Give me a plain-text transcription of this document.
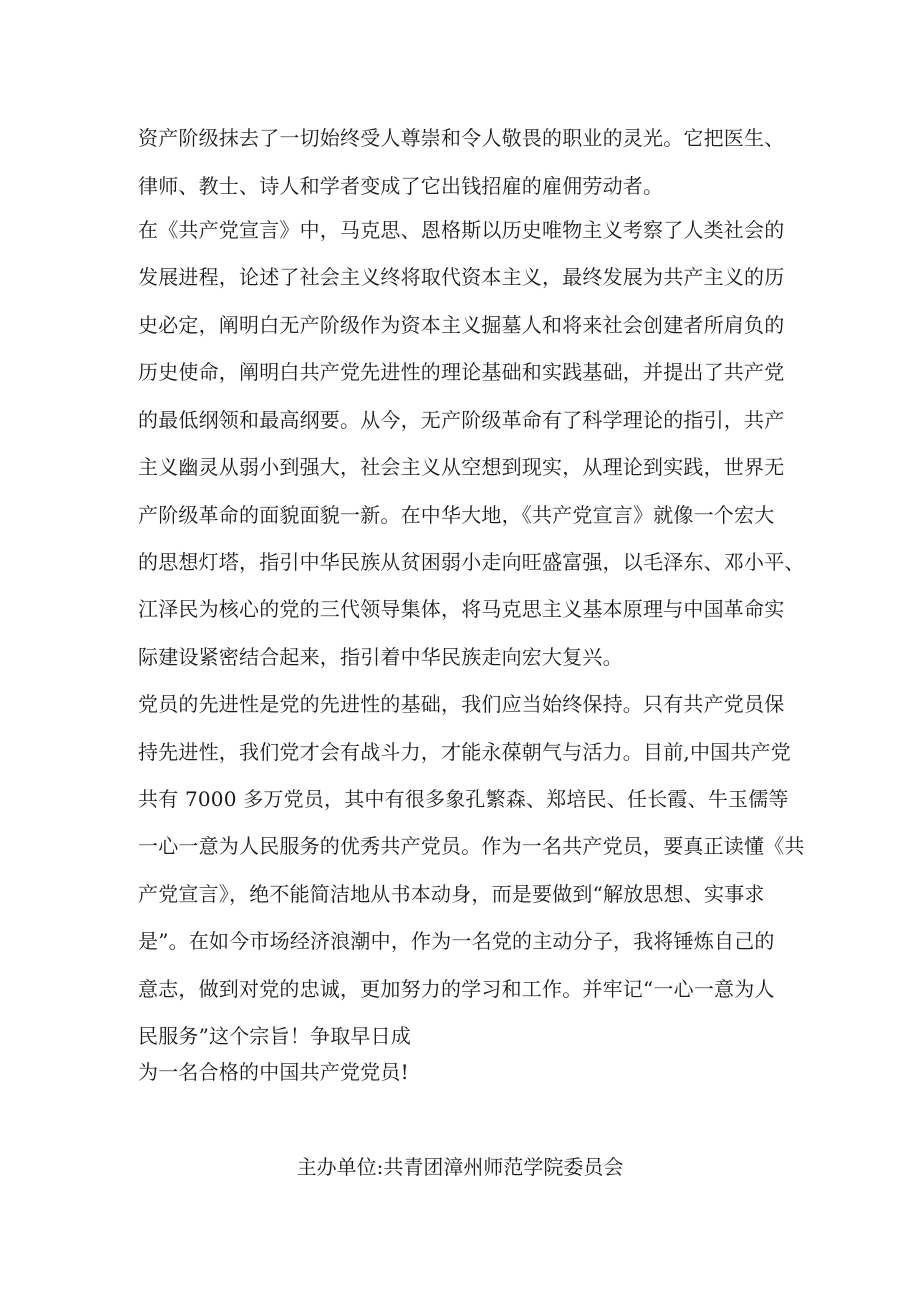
资产阶级抹去了一切始终受人尊崇和令人敬畏的职业的灵光。它把医生、
律师、教士、诗人和学者变成了它出钱招雇的雇佣劳动者。
在《共产党宣言》中，马克思、恩格斯以历史唯物主义考察了人类社会的
发展进程，论述了社会主义终将取代资本主义，最终发展为共产主义的历
史必定，阐明白无产阶级作为资本主义掘墓人和将来社会创建者所肩负的
历史使命，阐明白共产党先进性的理论基础和实践基础，并提出了共产党
的最低纲领和最高纲要。从今，无产阶级革命有了科学理论的指引，共产
主义幽灵从弱小到强大，社会主义从空想到现实，从理论到实践，世界无
产阶级革命的面貌面貌一新。在中华大地，《共产党宣言》就像一个宏大
的思想灯塔，指引中华民族从贫困弱小走向旺盛富强，以毛泽东、邓小平、
江泽民为核心的党的三代领导集体，将马克思主义基本原理与中国革命实
际建设紧密结合起来，指引着中华民族走向宏大复兴。
党员的先进性是党的先进性的基础，我们应当始终保持。只有共产党员保
持先进性，我们党才会有战斗力，才能永葆朝气与活力。目前,中国共产党
共有 7000 多万党员，其中有很多象孔繁森、郑培民、任长霞、牛玉儒等
一心一意为人民服务的优秀共产党员。作为一名共产党员，要真正读懂《共
产党宣言》，绝不能简洁地从书本动身，而是要做到“解放思想、实事求
是”。在如今市场经济浪潮中，作为一名党的主动分子，我将锤炼自己的
意志，做到对党的忠诚，更加努力的学习和工作。并牢记“一心一意为人
民服务”这个宗旨！争取早日成
为一名合格的中国共产党党员!
主办单位:共青团漳州师范学院委员会
